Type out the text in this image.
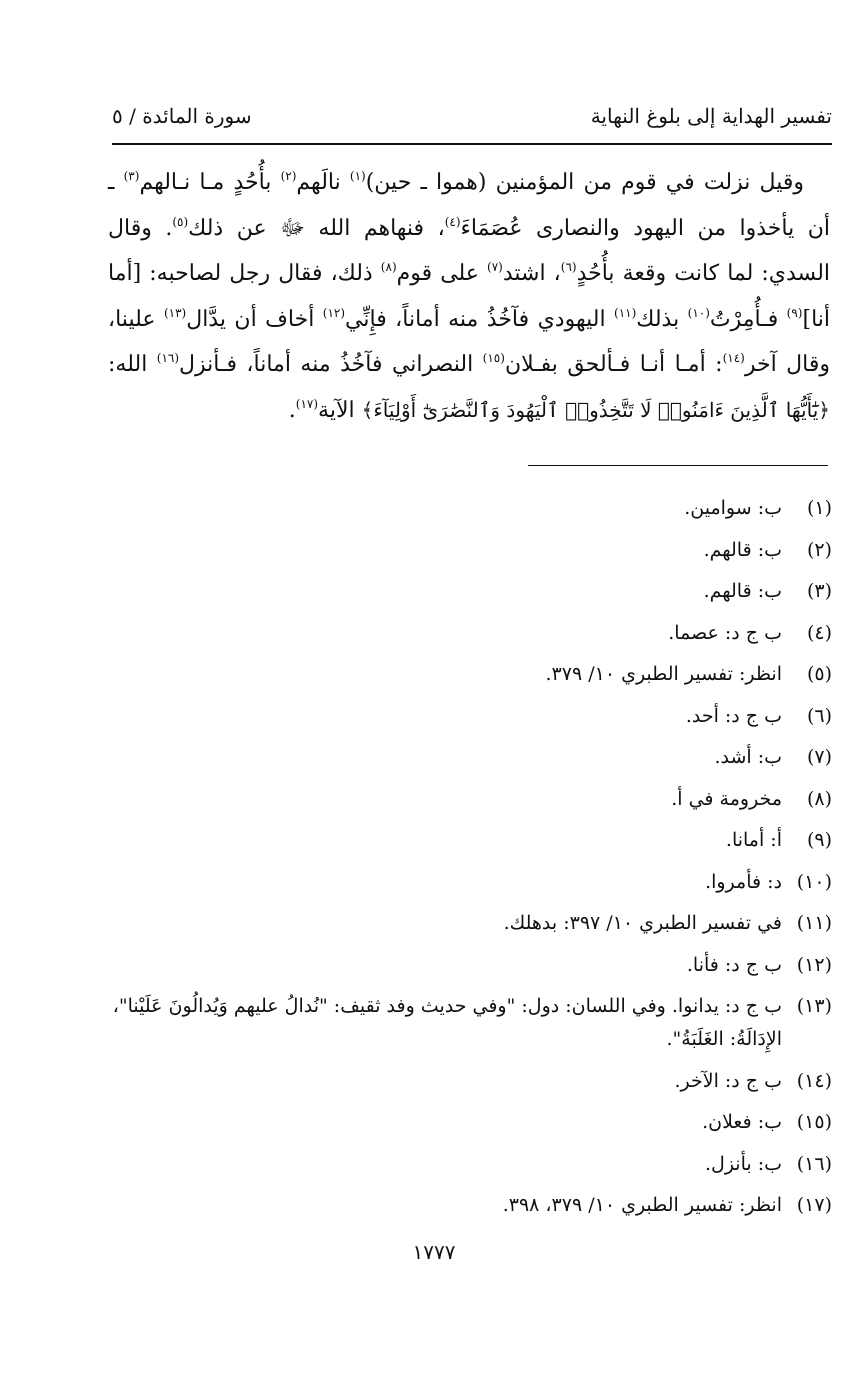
تفسير الهداية إلى بلوغ النهاية
سورة المائدة / ٥

وقيل نزلت في قوم من المؤمنين (هموا ـ حين)$^{(١)}$ نالَهم$^{(٢)}$ بأُحُدٍ مـا نـالهم$^{(٣)}$ ـ أن يأخذوا من اليهود والنصارى عُصَمَاءَ$^{(٤)}$، فنهاهم الله ﷻ عن ذلك$^{(٥)}$. وقال السدي: لما كانت وقعة بأُحُدٍ$^{(٦)}$، اشتد$^{(٧)}$ على قوم$^{(٨)}$ ذلك، فقال رجل لصاحبه: [أما أنا]$^{(٩)}$ فـأُمِرْتُ$^{(١٠)}$ بذلك$^{(١١)}$ اليهودي فآخُذُ منه أماناً، فإِنِّي$^{(١٢)}$ أخاف أن يدَّال$^{(١٣)}$ علينا، وقال آخر$^{(١٤)}$: أمـا أنـا فـألحق بفـلان$^{(١٥)}$ النصراني فآخُذُ منه أماناً، فـأنزل$^{(١٦)}$ الله: ﴿يَٰٓأَيُّهَا ٱلَّذِينَ ءَامَنُوا۟ لَا تَتَّخِذُوا۟ ٱلْيَهُودَ وَٱلنَّصَٰرَىٰٓ أَوْلِيَآءَ﴾ الآية$^{(١٧)}$.

(١)
ب: سوامين.
(٢)
ب: قالهم.
(٣)
ب: قالهم.
(٤)
ب ج د: عصما.
(٥)
انظر: تفسير الطبري ١٠/ ٣٧٩.
(٦)
ب ج د: أحد.
(٧)
ب: أشد.
(٨)
مخرومة في أ.
(٩)
أ: أمانا.
(١٠)
د: فأمروا.
(١١)
في تفسير الطبري ١٠/ ٣٩٧: بدهلك.
(١٢)
ب ج د: فأنا.
(١٣)
ب ج د: يدانوا. وفي اللسان: دول: "وفي حديث وفد ثقيف: "نُدالُ عليهم وَيُدالُونَ عَلَيْنا"، الإِدَالَةُ: الغَلَبَةُ".
(١٤)
ب ج د: الآخر.
(١٥)
ب: فعلان.
(١٦)
ب: بأنزل.
(١٧)
انظر: تفسير الطبري ١٠/ ٣٧٩، ٣٩٨.
١٧٧٧
